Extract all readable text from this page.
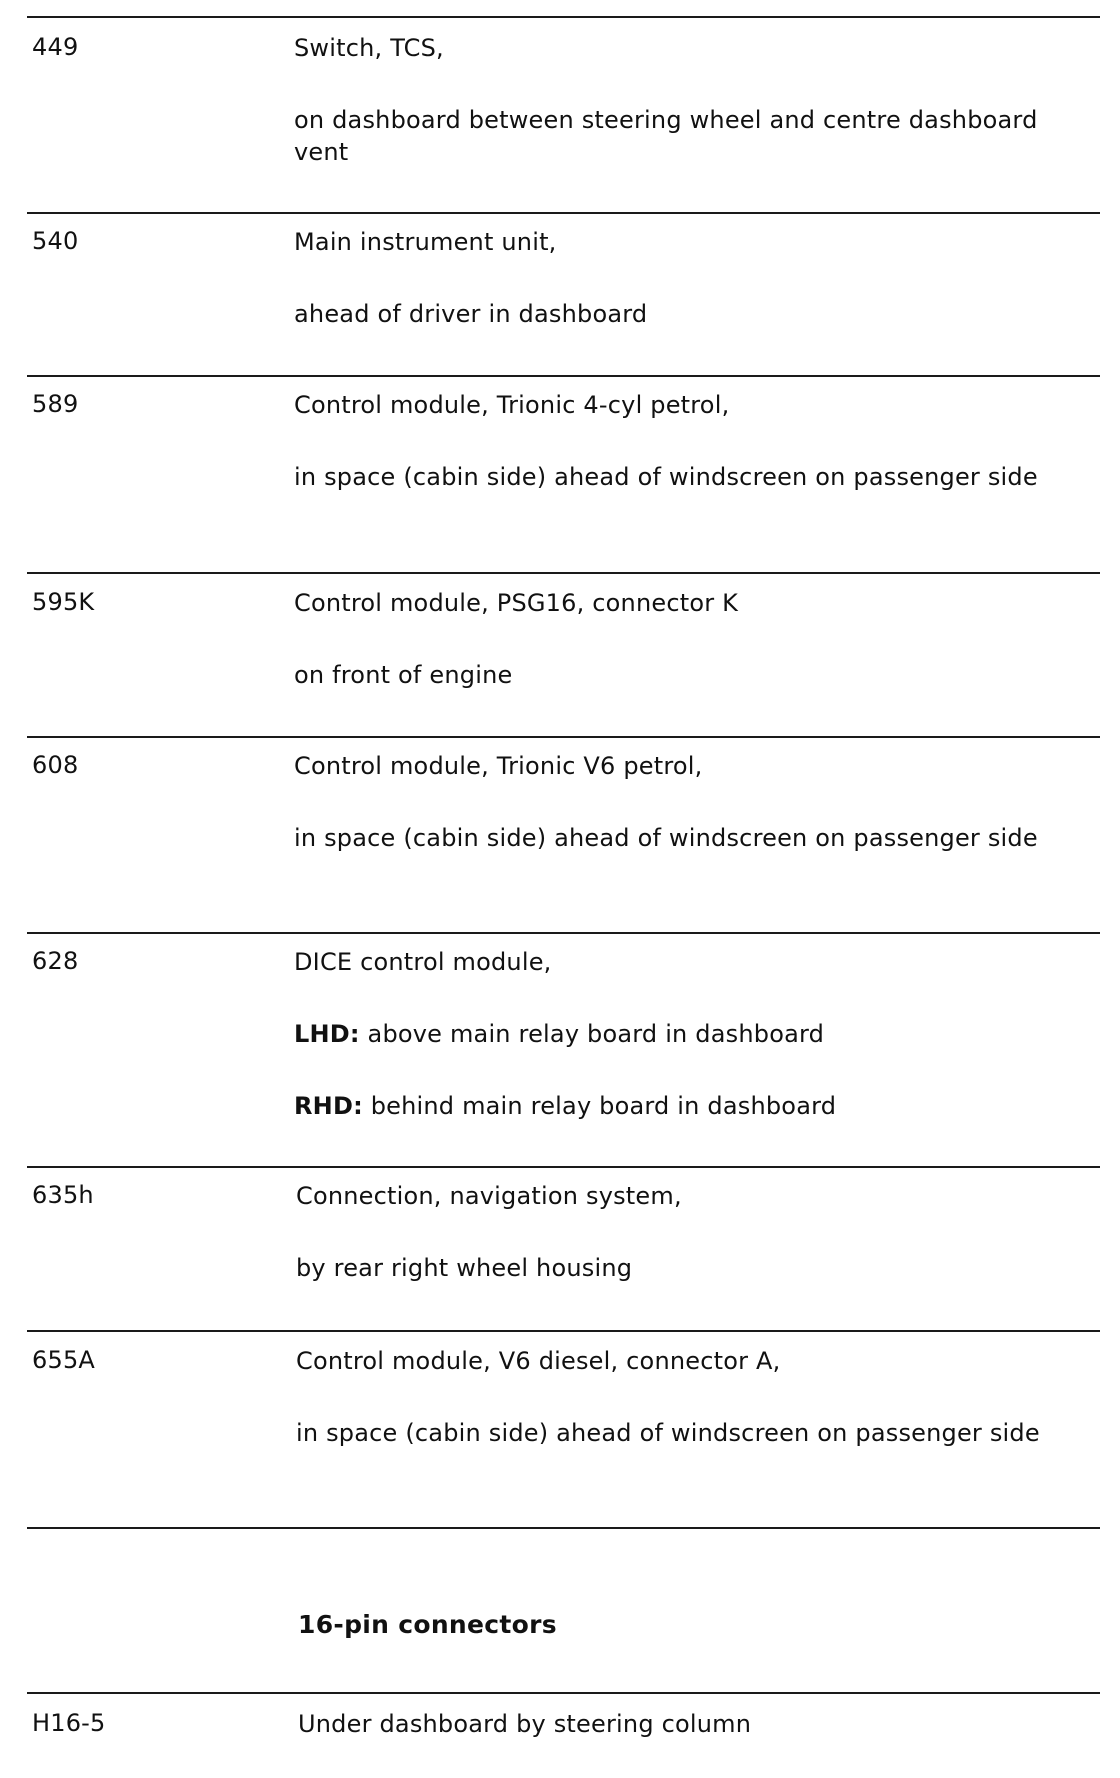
449	Switch, TCS,

on dashboard between steering wheel and centre dashboard vent

540	Main instrument unit,

ahead of driver in dashboard

589	Control module, Trionic 4-cyl petrol,

in space (cabin side) ahead of windscreen on passenger side

595K	Control module, PSG16, connector K

on front of engine

608	Control module, Trionic V6 petrol,

in space (cabin side) ahead of windscreen on passenger side

628	DICE control module,

LHD: above main relay board in dashboard

RHD: behind main relay board in dashboard

635h	Connection, navigation system,

by rear right wheel housing

655A	Control module, V6 diesel, connector A,

in space (cabin side) ahead of windscreen on passenger side

16-pin connectors
H16-5	Under dashboard by steering column
